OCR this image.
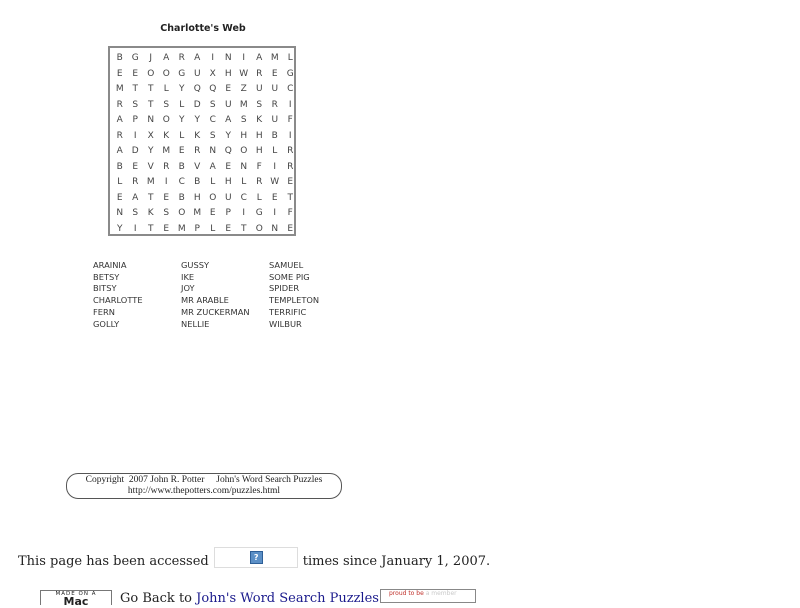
Charlotte's Web
B G	J	A	R	A	I	N	I	A M	L
E	E	O O G U	X	H W R	E	G
M T	T	L	Y	Q Q	E	Z	U U	C
R	S	T	S	L	D	S	U M S	R	I
A	P	N O	Y	Y	C	A	S	K	U	F
R	I	X	K	L	K	S	Y	H H	B	I
A D	Y M E	R	N Q O H	L	R
B	E	V	R	B	V	A	E	N	F	I	R
L	R M	I	C	B	L	H	L	R W E
E	A	T	E	B	H O U	C	L	E	T
N	S	K	S	O M E	P	I	G	I	F
Y	I	T	E M P	L	E	T	O N	E
ARAINIA
BETSY
BITSY
CHARLOTTE
FERN
GOLLY
GUSSY
IKE
JOY
MR ARABLE
MR ZUCKERMAN
NELLIE
SAMUEL
SOME PIG
SPIDER
TEMPLETON
TERRIFIC
WILBUR
Copyright  2007 John R. Potter     John's Word Search Puzzles
http://www.thepotters.com/puzzles.html
This page has been accessed	?	times since January 1, 2007.
MADE ON A
Mac	Go Back to John's Word Search Puzzles	proud to be a member
